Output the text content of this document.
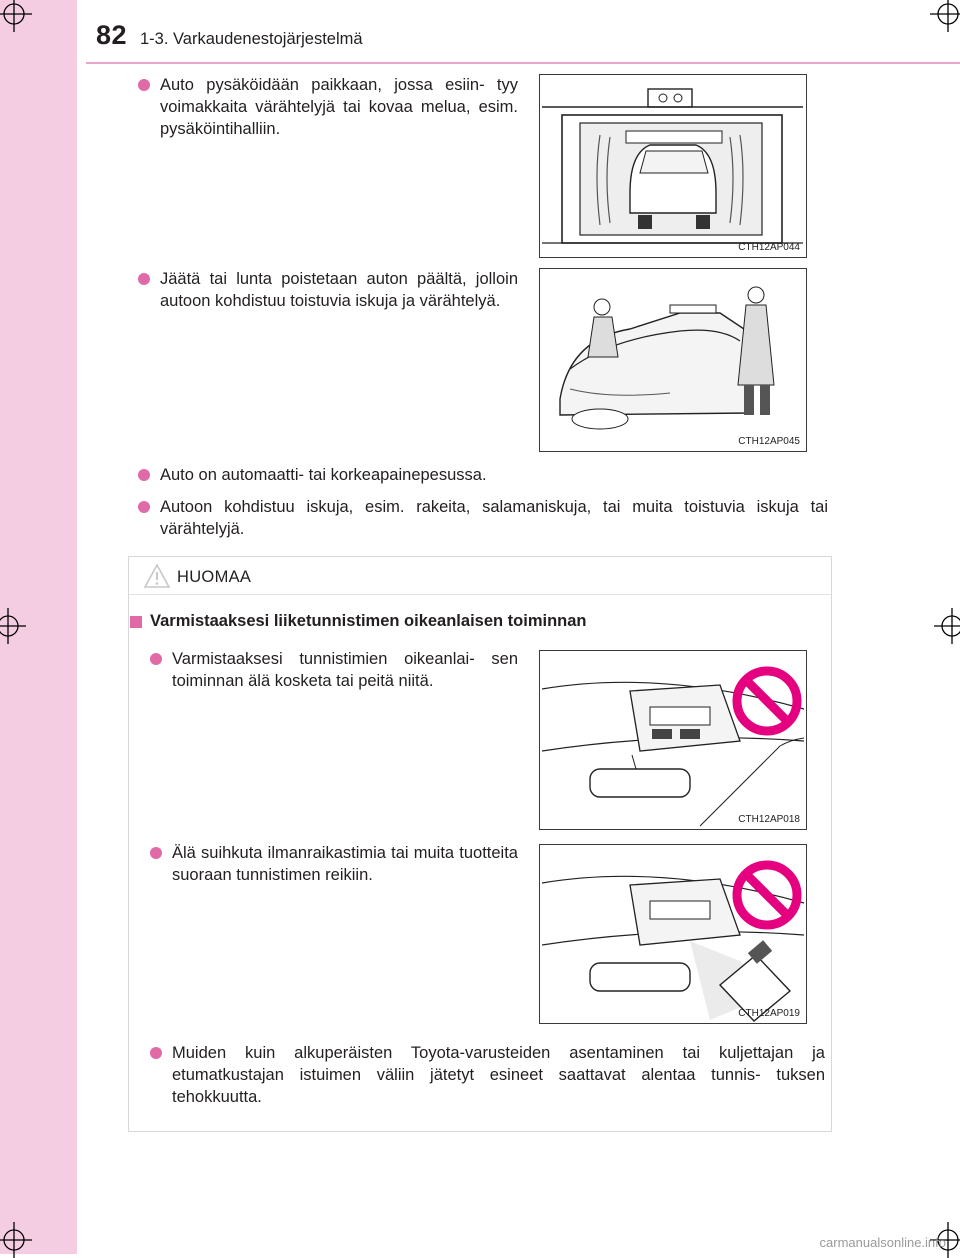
82 1-3. Varkaudenestojärjestelmä
Auto pysäköidään paikkaan, jossa esiin- tyy voimakkaita värähtelyjä tai kovaa melua, esim. pysäköintihalliin.
CTH12AP044
Jäätä tai lunta poistetaan auton päältä, jolloin autoon kohdistuu toistuvia iskuja ja värähtelyä.
CTH12AP045
Auto on automaatti- tai korkeapainepesussa.
Autoon kohdistuu iskuja, esim. rakeita, salamaniskuja, tai muita toistuvia iskuja tai värähtelyjä.
HUOMAA
Varmistaaksesi liiketunnistimen oikeanlaisen toiminnan
Varmistaaksesi tunnistimien oikeanlai- sen toiminnan älä kosketa tai peitä niitä.
CTH12AP018
Älä suihkuta ilmanraikastimia tai muita tuotteita suoraan tunnistimen reikiin.
CTH12AP019
Muiden kuin alkuperäisten Toyota-varusteiden asentaminen tai kuljettajan ja etumatkustajan istuimen väliin jätetyt esineet saattavat alentaa tunnis- tuksen tehokkuutta.
carmanualsonline.info
